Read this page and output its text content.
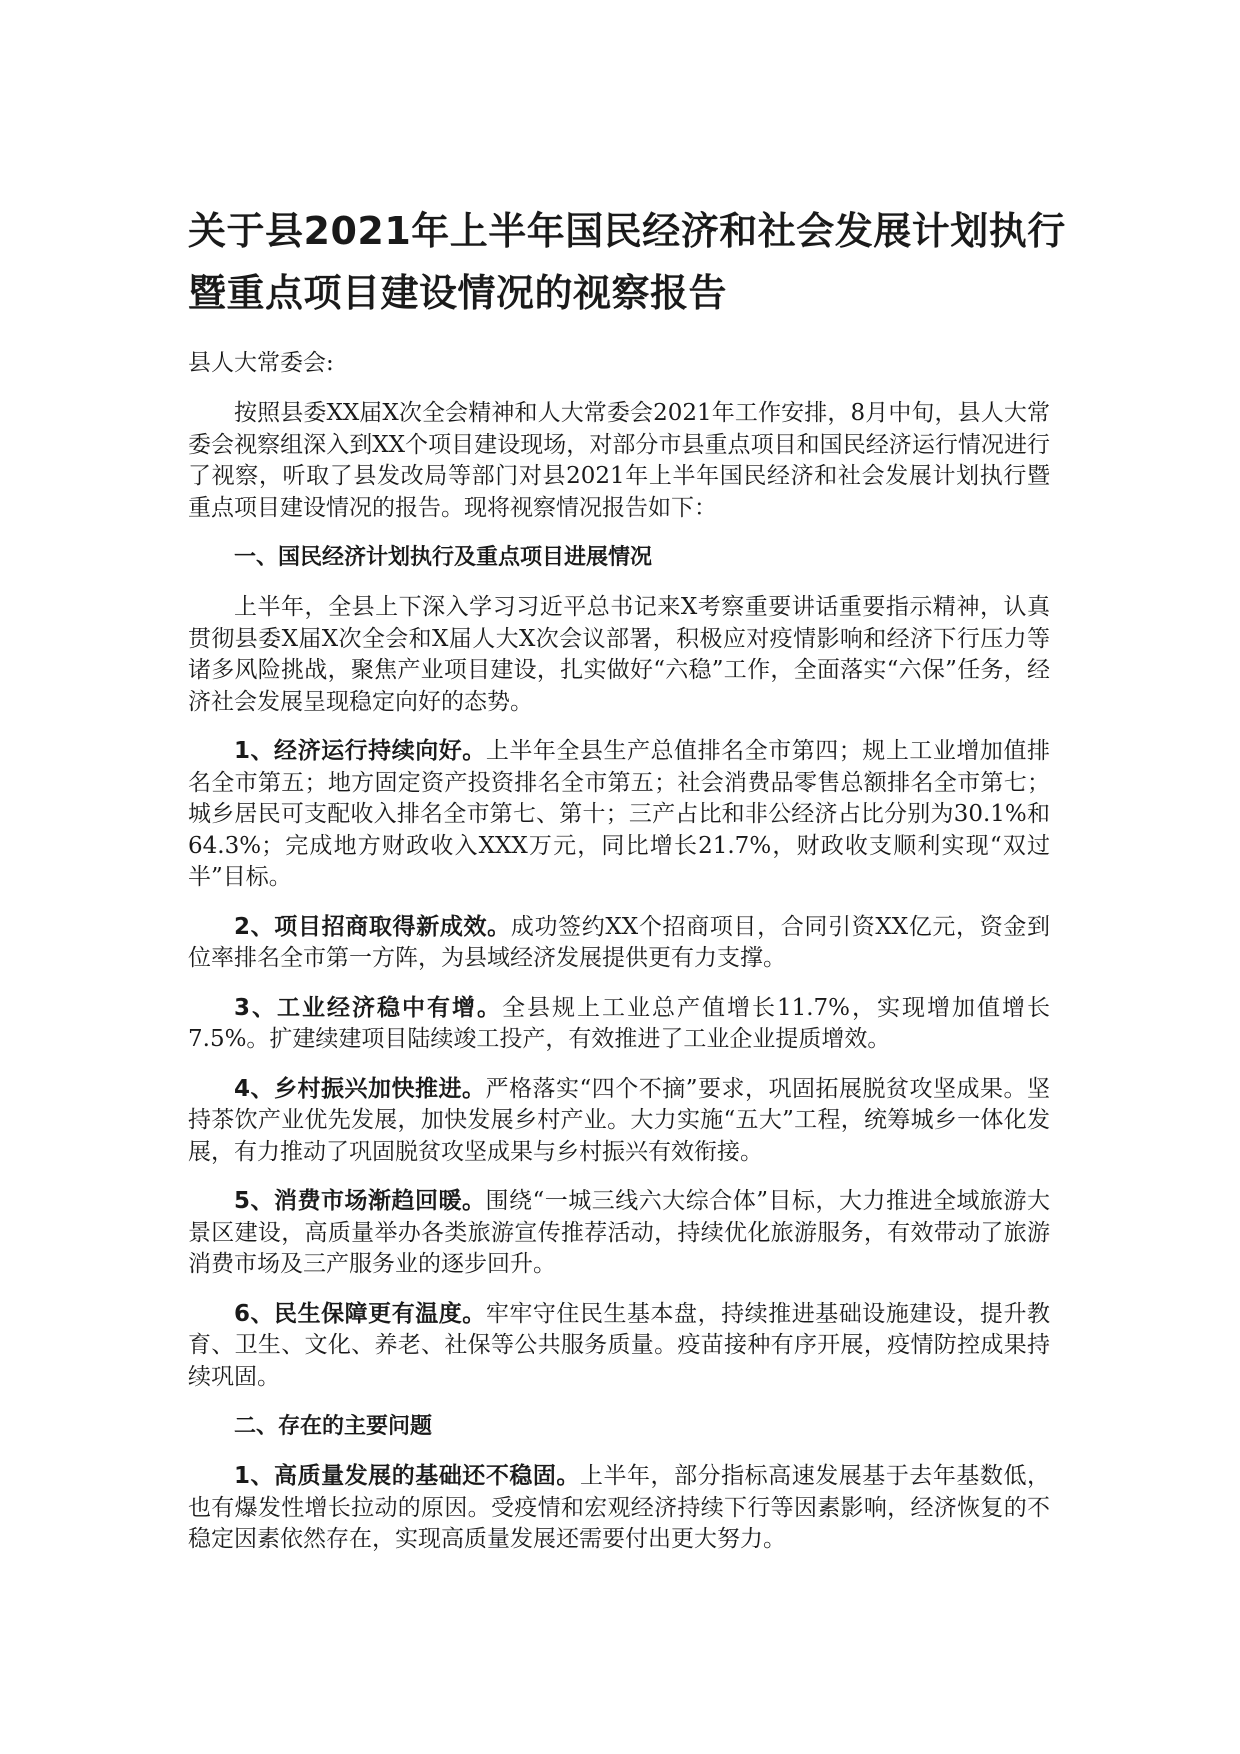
关于县2021年上半年国民经济和社会发展计划执行
暨重点项目建设情况的视察报告
县人大常委会:

按照县委XX届X次全会精神和人大常委会2021年工作安排，8月中旬，县人大常委会视察组深入到XX个项目建设现场，对部分市县重点项目和国民经济运行情况进行了视察，听取了县发改局等部门对县2021年上半年国民经济和社会发展计划执行暨重点项目建设情况的报告。现将视察情况报告如下：

一、国民经济计划执行及重点项目进展情况

上半年，全县上下深入学习习近平总书记来X考察重要讲话重要指示精神，认真贯彻县委X届X次全会和X届人大X次会议部署，积极应对疫情影响和经济下行压力等诸多风险挑战，聚焦产业项目建设，扎实做好“六稳”工作，全面落实“六保”任务，经济社会发展呈现稳定向好的态势。

1、经济运行持续向好。上半年全县生产总值排名全市第四；规上工业增加值排名全市第五；地方固定资产投资排名全市第五；社会消费品零售总额排名全市第七；城乡居民可支配收入排名全市第七、第十；三产占比和非公经济占比分别为30.1%和64.3%；完成地方财政收入XXX万元，同比增长21.7%，财政收支顺利实现“双过半”目标。

2、项目招商取得新成效。成功签约XX个招商项目，合同引资XX亿元，资金到位率排名全市第一方阵，为县域经济发展提供更有力支撑。

3、工业经济稳中有增。全县规上工业总产值增长11.7%，实现增加值增长7.5%。扩建续建项目陆续竣工投产，有效推进了工业企业提质增效。

4、乡村振兴加快推进。严格落实“四个不摘”要求，巩固拓展脱贫攻坚成果。坚持茶饮产业优先发展，加快发展乡村产业。大力实施“五大”工程，统筹城乡一体化发展，有力推动了巩固脱贫攻坚成果与乡村振兴有效衔接。

5、消费市场渐趋回暖。围绕“一城三线六大综合体”目标，大力推进全域旅游大景区建设，高质量举办各类旅游宣传推荐活动，持续优化旅游服务，有效带动了旅游消费市场及三产服务业的逐步回升。

6、民生保障更有温度。牢牢守住民生基本盘，持续推进基础设施建设，提升教育、卫生、文化、养老、社保等公共服务质量。疫苗接种有序开展，疫情防控成果持续巩固。

二、存在的主要问题

1、高质量发展的基础还不稳固。上半年，部分指标高速发展基于去年基数低，也有爆发性增长拉动的原因。受疫情和宏观经济持续下行等因素影响，经济恢复的不稳定因素依然存在，实现高质量发展还需要付出更大努力。
